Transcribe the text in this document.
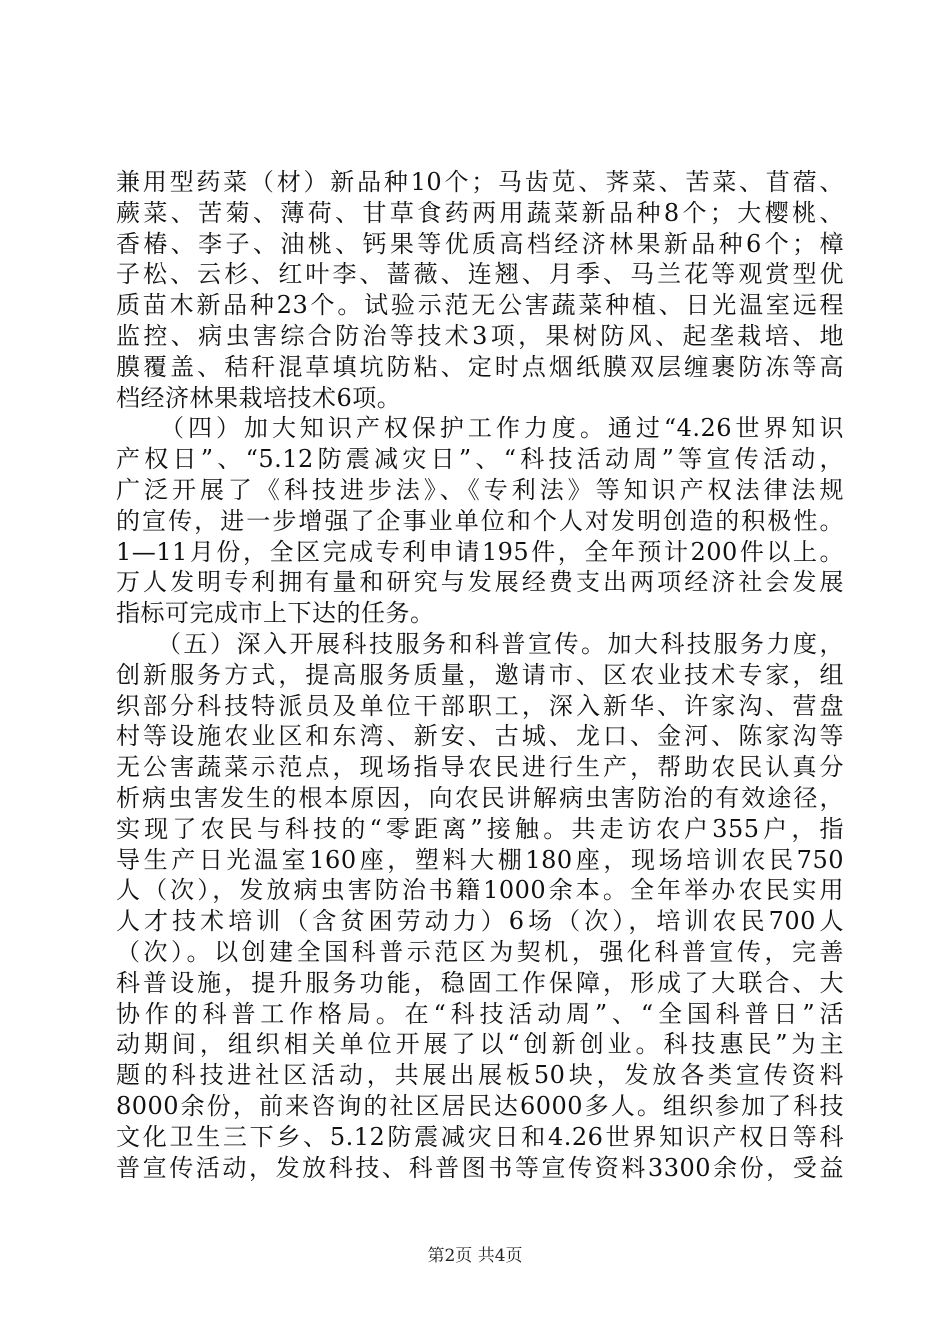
兼用型药菜（材）新品种10个；马齿苋、荠菜、苦菜、苜蓿、
蕨菜、苦菊、薄荷、甘草食药两用蔬菜新品种8个；大樱桃、
香椿、李子、油桃、钙果等优质高档经济林果新品种6个；樟
子松、云杉、红叶李、蔷薇、连翘、月季、马兰花等观赏型优
质苗木新品种23个。试验示范无公害蔬菜种植、日光温室远程
监控、病虫害综合防治等技术3项，果树防风、起垄栽培、地
膜覆盖、秸秆混草填坑防粘、定时点烟纸膜双层缠裹防冻等高
档经济林果栽培技术6项。
　　（四）加大知识产权保护工作力度。通过“4.26世界知识
产权日”、“5.12防震减灾日”、“科技活动周”等宣传活动，
广泛开展了《科技进步法》、《专利法》等知识产权法律法规
的宣传，进一步增强了企事业单位和个人对发明创造的积极性。
1—11月份，全区完成专利申请195件，全年预计200件以上。
万人发明专利拥有量和研究与发展经费支出两项经济社会发展
指标可完成市上下达的任务。
　　（五）深入开展科技服务和科普宣传。加大科技服务力度，
创新服务方式，提高服务质量，邀请市、区农业技术专家，组
织部分科技特派员及单位干部职工，深入新华、许家沟、营盘
村等设施农业区和东湾、新安、古城、龙口、金河、陈家沟等
无公害蔬菜示范点，现场指导农民进行生产，帮助农民认真分
析病虫害发生的根本原因，向农民讲解病虫害防治的有效途径，
实现了农民与科技的“零距离”接触。共走访农户355户，指
导生产日光温室160座，塑料大棚180座，现场培训农民750
人（次），发放病虫害防治书籍1000余本。全年举办农民实用
人才技术培训（含贫困劳动力）6场（次），培训农民700人
（次）。以创建全国科普示范区为契机，强化科普宣传，完善
科普设施，提升服务功能，稳固工作保障，形成了大联合、大
协作的科普工作格局。在“科技活动周”、“全国科普日”活
动期间，组织相关单位开展了以“创新创业。科技惠民”为主
题的科技进社区活动，共展出展板50块，发放各类宣传资料
8000余份，前来咨询的社区居民达6000多人。组织参加了科技
文化卫生三下乡、5.12防震减灾日和4.26世界知识产权日等科
普宣传活动，发放科技、科普图书等宣传资料3300余份，受益
第2页 共4页
